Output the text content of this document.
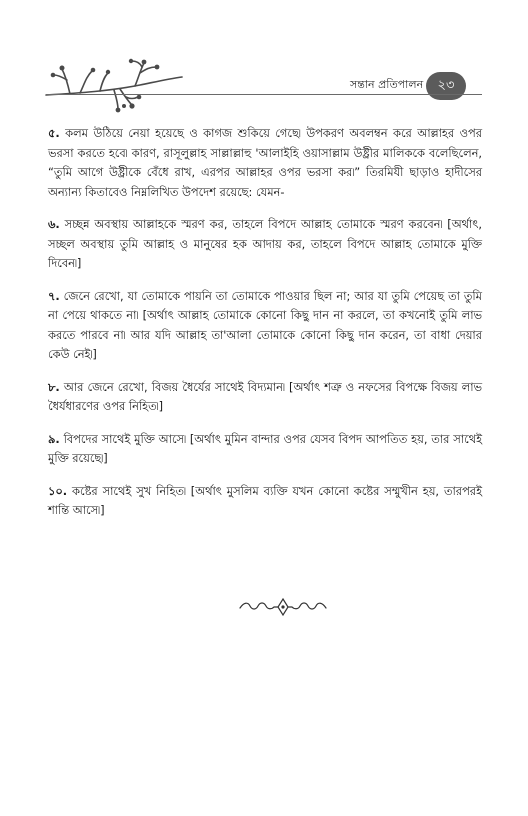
সন্তান প্রতিপালন	২৩

৫. কলম উঠিয়ে নেয়া হয়েছে ও কাগজ শুকিয়ে গেছে৷ উপকরণ অবলম্বন করে আল্লাহর ওপর ভরসা করতে হবে৷ কারণ, রাসূলুল্লাহ সাল্লাল্লাহু 'আলাইহি ওয়াসাল্লাম উষ্ট্রীর মালিককে বলেছিলেন, “তুমি আগে উষ্ট্রীকে বেঁধে রাখ, এরপর আল্লাহর ওপর ভরসা কর৷” তিরমিযী ছাড়াও হাদীসের অন্যান্য কিতাবেও নিম্নলিখিত উপদেশ রয়েছে: যেমন-

৬. সচ্ছন্ন অবস্থায় আল্লাহকে স্মরণ কর, তাহলে বিপদে আল্লাহ তোমাকে স্মরণ করবেন৷ [অর্থাৎ, সচ্ছল অবস্থায় তুমি আল্লাহ ও মানুষের হক আদায় কর, তাহলে বিপদে আল্লাহ তোমাকে মুক্তি দিবেন৷]

৭. জেনে রেখো, যা তোমাকে পায়নি তা তোমাকে পাওয়ার ছিল না; আর যা তুমি পেয়েছ তা তুমি না পেয়ে থাকতে না৷ [অর্থাৎ আল্লাহ তোমাকে কোনো কিছু দান না করলে, তা কখনোই তুমি লাভ করতে পারবে না৷ আর যদি আল্লাহ তা'আলা তোমাকে কোনো কিছু দান করেন, তা বাধা দেয়ার কেউ নেই৷]

৮. আর জেনে রেখো, বিজয় ধৈর্যের সাথেই বিদ্যমান৷ [অর্থাৎ শত্রু ও নফসের বিপক্ষে বিজয় লাভ ধৈর্যধারণের ওপর নিহিত৷]

৯. বিপদের সাথেই মুক্তি আসে৷ [অর্থাৎ মুমিন বান্দার ওপর যেসব বিপদ আপতিত হয়, তার সাথেই মুক্তি রয়েছে৷]

১০. কষ্টের সাথেই সুখ নিহিত৷ [অর্থাৎ মুসলিম ব্যক্তি যখন কোনো কষ্টের সম্মুখীন হয়, তারপরই শান্তি আসে৷]
